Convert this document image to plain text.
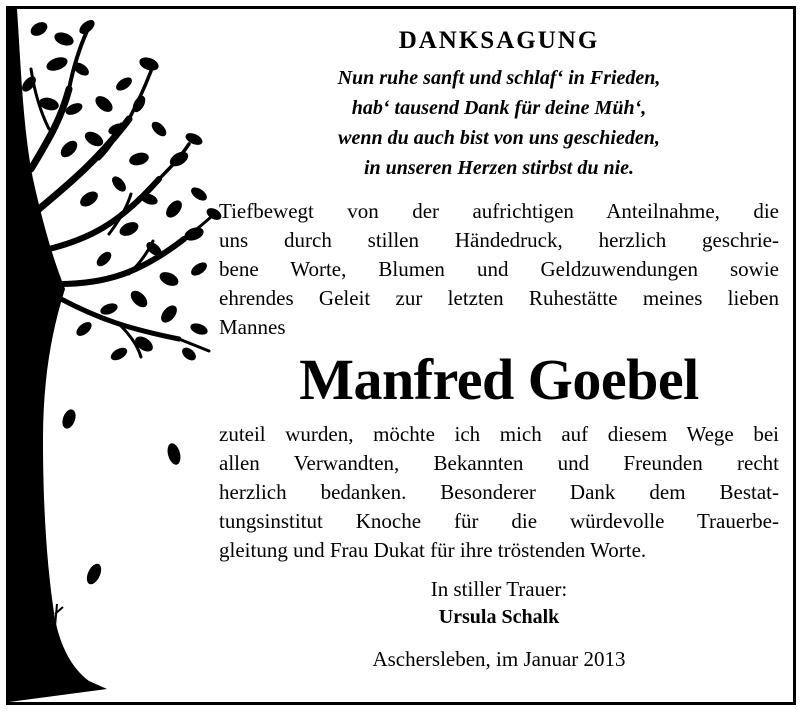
DANKSAGUNG
Nun ruhe sanft und schlaf‘ in Frieden,
hab‘ tausend Dank für deine Müh‘,
wenn du auch bist von uns geschieden,
in unseren Herzen stirbst du nie.
Tiefbewegt von der aufrichtigen Anteilnahme, die
uns durch stillen Händedruck, herzlich geschrie-
bene Worte, Blumen und Geldzuwendungen sowie
ehrendes Geleit zur letzten Ruhestätte meines lieben
Mannes
Manfred Goebel
zuteil wurden, möchte ich mich auf diesem Wege bei
allen Verwandten, Bekannten und Freunden recht
herzlich bedanken. Besonderer Dank dem Bestat-
tungsinstitut Knoche für die würdevolle Trauerbe-
gleitung und Frau Dukat für ihre tröstenden Worte.
In stiller Trauer:
Ursula Schalk
Aschersleben, im Januar 2013
